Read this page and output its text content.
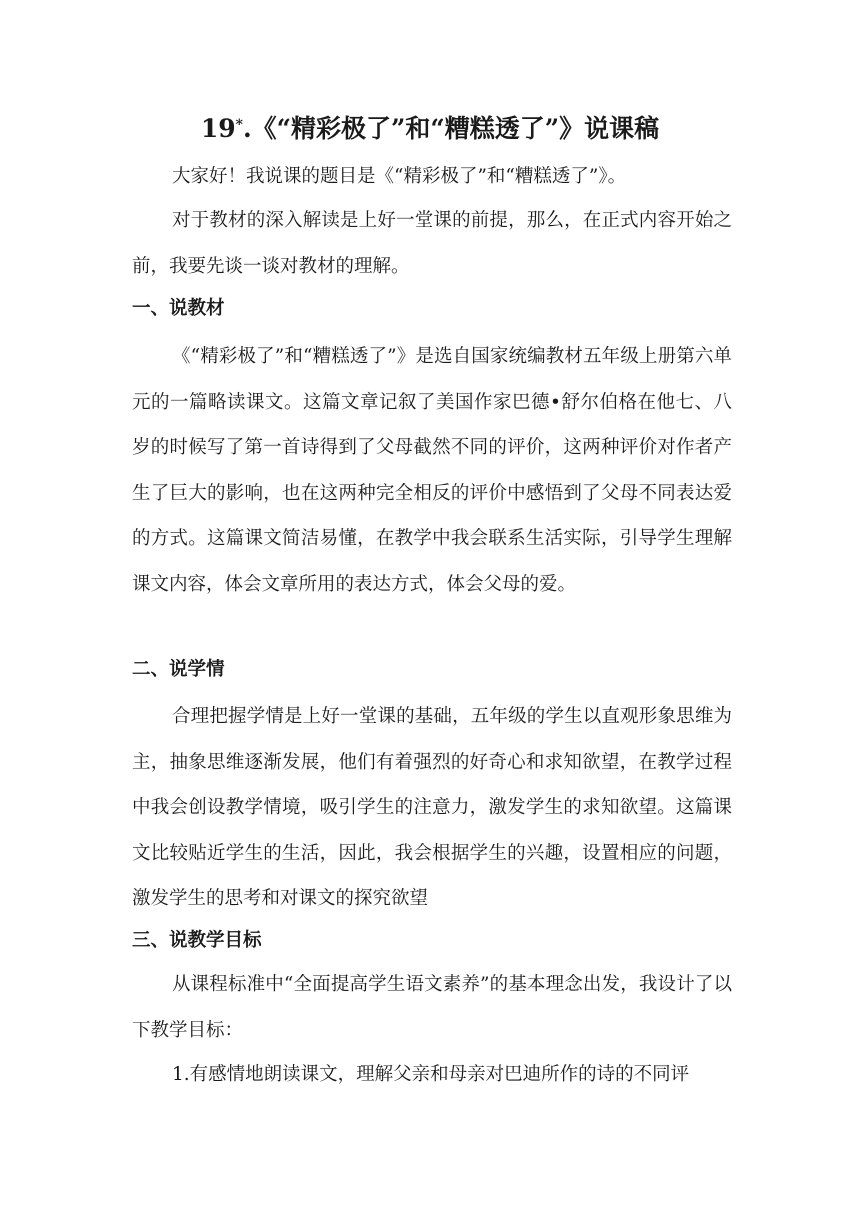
19*.《“精彩极了”和“糟糕透了”》说课稿

大家好！我说课的题目是《“精彩极了”和“糟糕透了”》。

对于教材的深入解读是上好一堂课的前提，那么，在正式内容开始之前，我要先谈一谈对教材的理解。

一、说教材

《“精彩极了”和“糟糕透了”》是选自国家统编教材五年级上册第六单元的一篇略读课文。这篇文章记叙了美国作家巴德•舒尔伯格在他七、八岁的时候写了第一首诗得到了父母截然不同的评价，这两种评价对作者产生了巨大的影响，也在这两种完全相反的评价中感悟到了父母不同表达爱的方式。这篇课文简洁易懂，在教学中我会联系生活实际，引导学生理解课文内容，体会文章所用的表达方式，体会父母的爱。

二、说学情

合理把握学情是上好一堂课的基础，五年级的学生以直观形象思维为主，抽象思维逐渐发展，他们有着强烈的好奇心和求知欲望，在教学过程中我会创设教学情境，吸引学生的注意力，激发学生的求知欲望。这篇课文比较贴近学生的生活，因此，我会根据学生的兴趣，设置相应的问题，激发学生的思考和对课文的探究欲望

三、说教学目标

从课程标准中“全面提高学生语文素养”的基本理念出发，我设计了以下教学目标：

1.有感情地朗读课文，理解父亲和母亲对巴迪所作的诗的不同评
